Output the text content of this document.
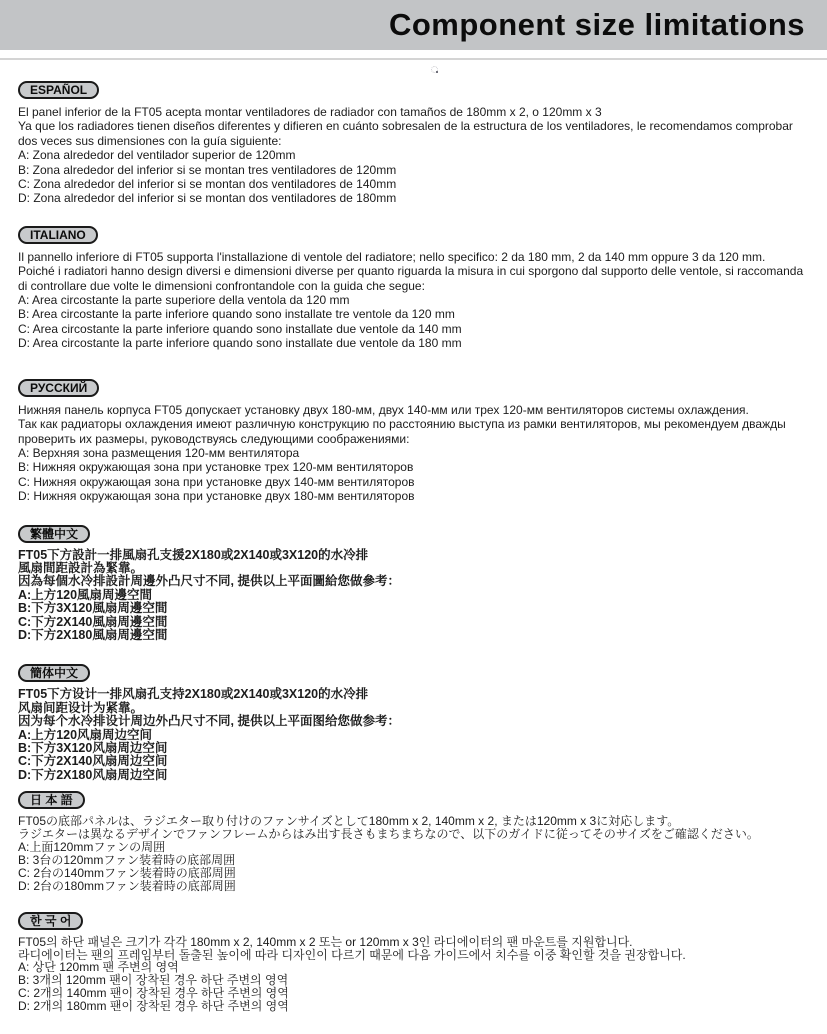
Component size limitations
ESPAÑOL
El panel inferior de la FT05 acepta montar ventiladores de radiador con tamaños de 180mm x 2, o 120mm x 3
Ya que los radiadores tienen diseños diferentes y difieren en cuánto sobresalen de la estructura de los ventiladores, le recomendamos comprobar
dos veces sus dimensiones con la guía siguiente:
A: Zona alrededor del ventilador superior de 120mm
B: Zona alrededor del inferior si se montan tres ventiladores de 120mm
C: Zona alrededor del inferior si se montan dos ventiladores de 140mm
D: Zona alrededor del inferior si se montan dos ventiladores de 180mm
ITALIANO
Il pannello inferiore di FT05 supporta l'installazione di ventole del radiatore; nello specifico: 2 da 180 mm, 2 da 140 mm oppure 3 da 120 mm.
Poiché i radiatori hanno design diversi e dimensioni diverse per quanto riguarda la misura in cui sporgono dal supporto delle ventole, si raccomanda
di controllare due volte le dimensioni confrontandole con la guida che segue:
A: Area circostante la parte superiore della ventola da 120 mm
B: Area circostante la parte inferiore quando sono installate tre ventole da 120 mm
C: Area circostante la parte inferiore quando sono installate due ventole da 140 mm
D: Area circostante la parte inferiore quando sono installate due ventole da 180 mm
РУССКИЙ
Нижняя панель корпуса FT05 допускает установку двух 180-мм, двух 140-мм или трех 120-мм вентиляторов системы охлаждения.
Так как радиаторы охлаждения имеют различную конструкцию по расстоянию выступа из рамки вентиляторов, мы рекомендуем дважды
проверить их размеры, руководствуясь следующими соображениями:
A: Верхняя зона размещения 120-мм вентилятора
B: Нижняя окружающая зона при установке трех 120-мм вентиляторов
C: Нижняя окружающая зона при установке двух 140-мм вентиляторов
D: Нижняя окружающая зона при установке двух 180-мм вентиляторов
繁體中文
FT05下方設計一排風扇孔支援2X180或2X140或3X120的水冷排
風扇間距設計為緊靠。
因為每個水冷排設計周邊外凸尺寸不同, 提供以上平面圖給您做參考：
A:上方120風扇周邊空間
B:下方3X120風扇周邊空間
C:下方2X140風扇周邊空間
D:下方2X180風扇周邊空間
簡体中文
FT05下方设计一排风扇孔支持2X180或2X140或3X120的水冷排
风扇间距设计为紧靠。
因为每个水冷排设计周边外凸尺寸不同, 提供以上平面图给您做参考：
A:上方120风扇周边空间
B:下方3X120风扇周边空间
C:下方2X140风扇周边空间
D:下方2X180风扇周边空间
日 本 語
FT05の底部パネルは、ラジエター取り付けのファンサイズとして180mm x 2, 140mm x 2, または120mm x 3に対応します。
ラジエターは異なるデザインでファンフレームからはみ出す長さもまちまちなので、以下のガイドに従ってそのサイズをご確認ください。
A:上面120mmファンの周囲
B: 3台の120mmファン装着時の底部周囲
C: 2台の140mmファン装着時の底部周囲
D: 2台の180mmファン装着時の底部周囲
한 국 어
FT05의 하단 패널은 크기가 각각 180mm x 2, 140mm x 2 또는 or 120mm x 3인 라디에이터의 팬 마운트를 지원합니다.
라디에이터는 팬의 프레임부터 돌출된 높이에 따라 디자인이 다르기 때문에 다음 가이드에서 치수를 이중 확인할 것을 권장합니다.
A: 상단 120mm 팬 주변의 영역
B: 3개의 120mm 팬이 장착된 경우 하단 주변의 영역
C: 2개의 140mm 팬이 장착된 경우 하단 주변의 영역
D: 2개의 180mm 팬이 장착된 경우 하단 주변의 영역
